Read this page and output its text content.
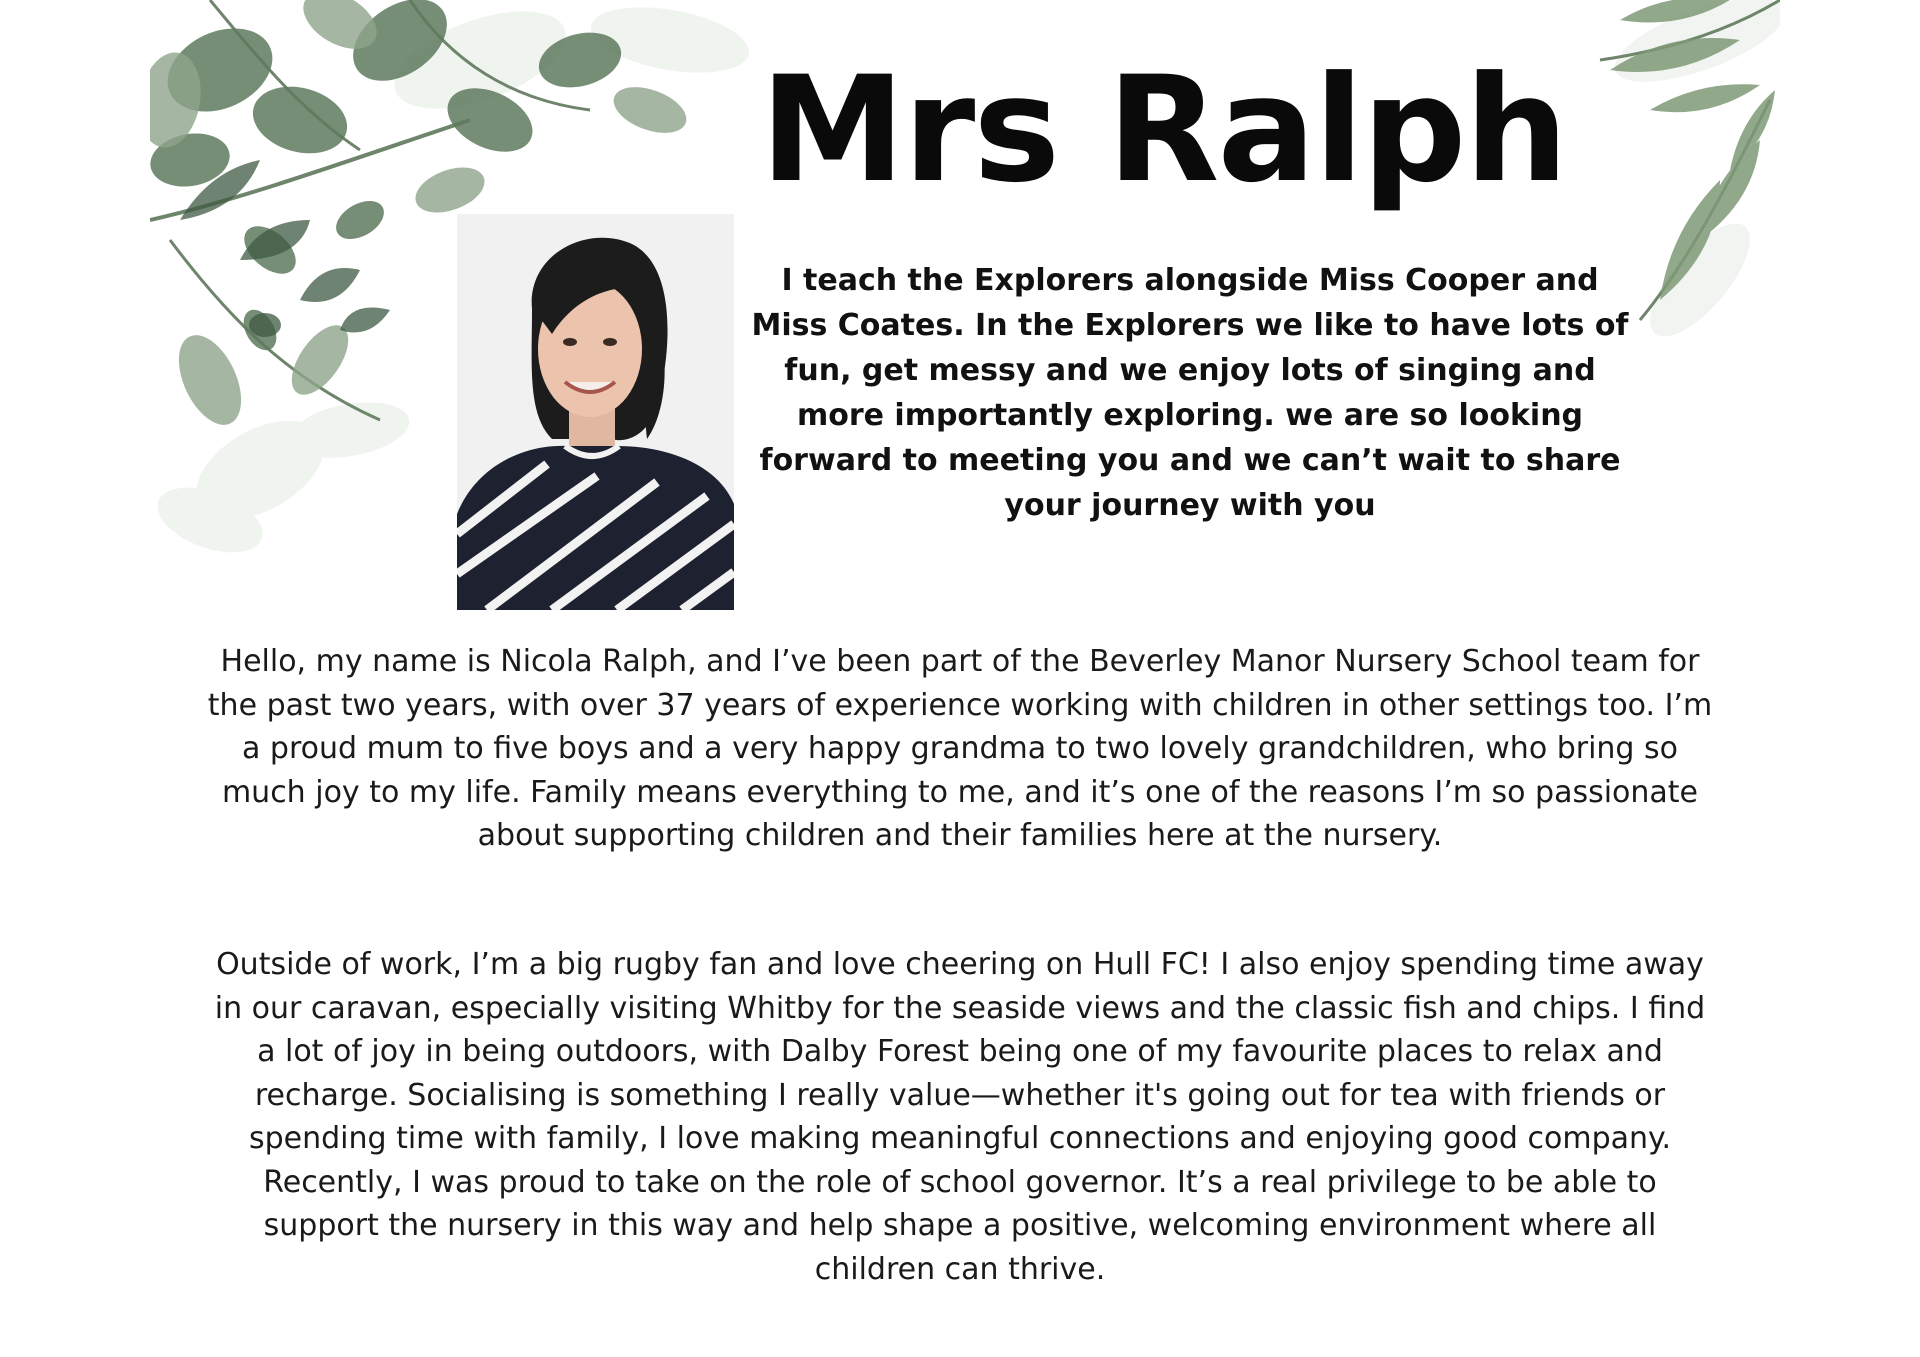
Mrs Ralph

I teach the Explorers alongside Miss Cooper and Miss Coates. In the Explorers we like to have lots of fun, get messy and we enjoy lots of singing and more importantly exploring. we are so looking forward to meeting you and we can’t wait to share your journey with you

Hello, my name is Nicola Ralph, and I’ve been part of the Beverley Manor Nursery School team for the past two years, with over 37 years of experience working with children in other settings too. I’m a proud mum to five boys and a very happy grandma to two lovely grandchildren, who bring so much joy to my life. Family means everything to me, and it’s one of the reasons I’m so passionate about supporting children and their families here at the nursery.

Outside of work, I’m a big rugby fan and love cheering on Hull FC! I also enjoy spending time away in our caravan, especially visiting Whitby for the seaside views and the classic fish and chips. I find a lot of joy in being outdoors, with Dalby Forest being one of my favourite places to relax and recharge. Socialising is something I really value—whether it's going out for tea with friends or spending time with family, I love making meaningful connections and enjoying good company. Recently, I was proud to take on the role of school governor. It’s a real privilege to be able to support the nursery in this way and help shape a positive, welcoming environment where all children can thrive.
